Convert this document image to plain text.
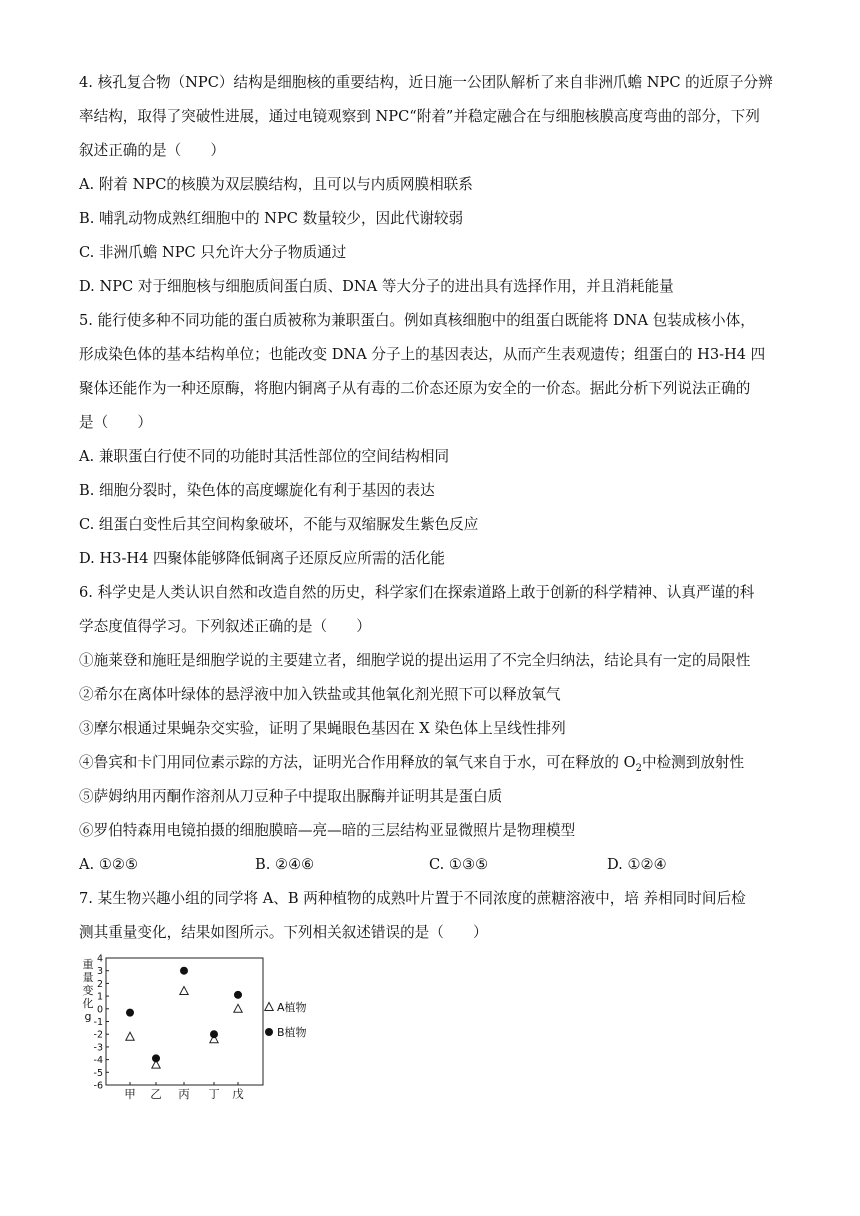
4. 核孔复合物（NPC）结构是细胞核的重要结构，近日施一公团队解析了来自非洲爪蟾 NPC 的近原子分辨
率结构，取得了突破性进展，通过电镜观察到 NPC“附着”并稳定融合在与细胞核膜高度弯曲的部分，下列
叙述正确的是（　　）
A. 附着 NPC的核膜为双层膜结构，且可以与内质网膜相联系
B. 哺乳动物成熟红细胞中的 NPC 数量较少，因此代谢较弱
C. 非洲爪蟾 NPC 只允许大分子物质通过
D. NPC 对于细胞核与细胞质间蛋白质、DNA 等大分子的进出具有选择作用，并且消耗能量
5. 能行使多种不同功能的蛋白质被称为兼职蛋白。例如真核细胞中的组蛋白既能将 DNA 包装成核小体，
形成染色体的基本结构单位；也能改变 DNA 分子上的基因表达，从而产生表观遗传；组蛋白的 H3-H4 四
聚体还能作为一种还原酶，将胞内铜离子从有毒的二价态还原为安全的一价态。据此分析下列说法正确的
是（　　）
A. 兼职蛋白行使不同的功能时其活性部位的空间结构相同
B. 细胞分裂时，染色体的高度螺旋化有利于基因的表达
C. 组蛋白变性后其空间构象破坏，不能与双缩脲发生紫色反应
D. H3-H4 四聚体能够降低铜离子还原反应所需的活化能
6. 科学史是人类认识自然和改造自然的历史，科学家们在探索道路上敢于创新的科学精神、认真严谨的科
学态度值得学习。下列叙述正确的是（　　）
①施莱登和施旺是细胞学说的主要建立者，细胞学说的提出运用了不完全归纳法，结论具有一定的局限性
②希尔在离体叶绿体的悬浮液中加入铁盐或其他氧化剂光照下可以释放氧气
③摩尔根通过果蝇杂交实验，证明了果蝇眼色基因在 X 染色体上呈线性排列
④鲁宾和卡门用同位素示踪的方法，证明光合作用释放的氧气来自于水，可在释放的 $O_2$中检测到放射性
⑤萨姆纳用丙酮作溶剂从刀豆种子中提取出脲酶并证明其是蛋白质
⑥罗伯特森用电镜拍摄的细胞膜暗—亮—暗的三层结构亚显微照片是物理模型
A. ①②⑤	B. ②④⑥	C. ①③⑤	D. ①②④
7. 某生物兴趣小组的同学将 A、B 两种植物的成熟叶片置于不同浓度的蔗糖溶液中，培 养相同时间后检
测其重量变化，结果如图所示。下列相关叙述错误的是（　　）
重
量
变
化
g
4
3
2
1
0
-1
-2
-3
-4
-5
-6
甲 乙 丙 丁 戊
A植物
B植物
